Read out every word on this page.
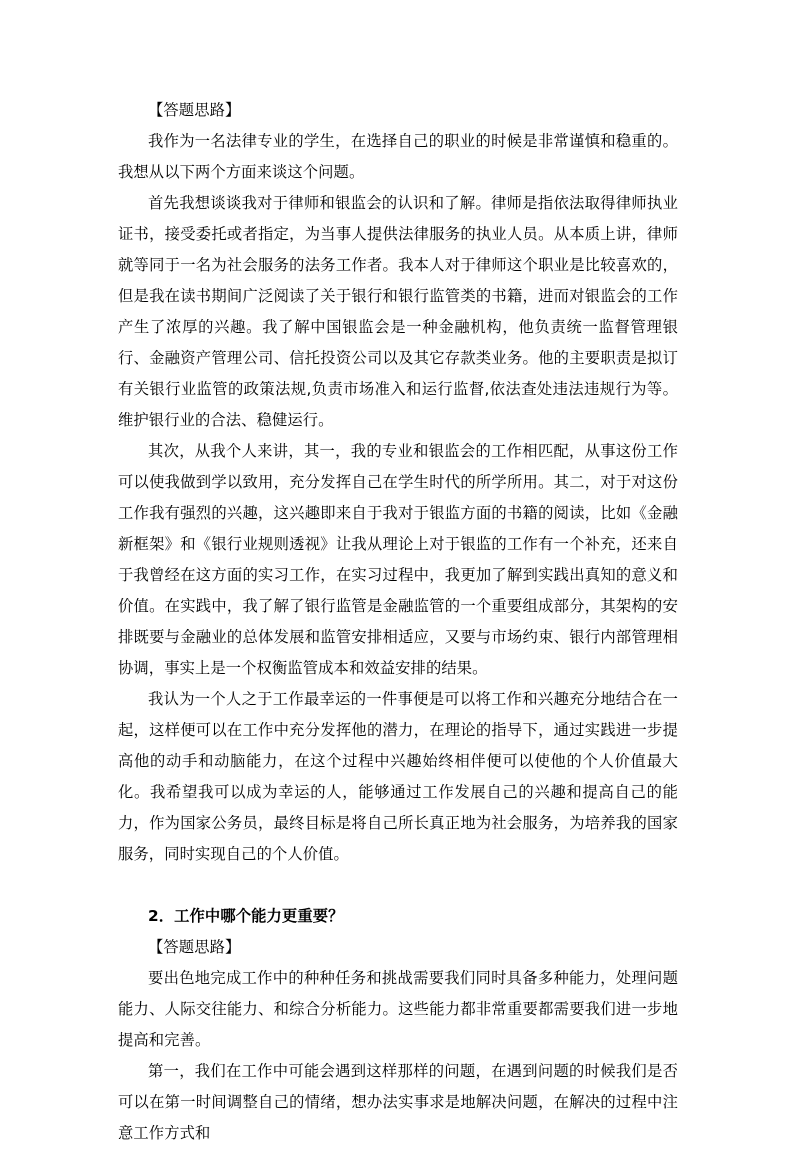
【答题思路】

我作为一名法律专业的学生，在选择自己的职业的时候是非常谨慎和稳重的。我想从以下两个方面来谈这个问题。

首先我想谈谈我对于律师和银监会的认识和了解。律师是指依法取得律师执业证书，接受委托或者指定，为当事人提供法律服务的执业人员。从本质上讲，律师就等同于一名为社会服务的法务工作者。我本人对于律师这个职业是比较喜欢的，但是我在读书期间广泛阅读了关于银行和银行监管类的书籍，进而对银监会的工作产生了浓厚的兴趣。我了解中国银监会是一种金融机构，他负责统一监督管理银行、金融资产管理公司、信托投资公司以及其它存款类业务。他的主要职责是拟订有关银行业监管的政策法规,负责市场准入和运行监督,依法查处违法违规行为等。维护银行业的合法、稳健运行。

其次，从我个人来讲，其一，我的专业和银监会的工作相匹配，从事这份工作可以使我做到学以致用，充分发挥自己在学生时代的所学所用。其二，对于对这份工作我有强烈的兴趣，这兴趣即来自于我对于银监方面的书籍的阅读，比如《金融新框架》和《银行业规则透视》让我从理论上对于银监的工作有一个补充，还来自于我曾经在这方面的实习工作，在实习过程中，我更加了解到实践出真知的意义和价值。在实践中，我了解了银行监管是金融监管的一个重要组成部分，其架构的安排既要与金融业的总体发展和监管安排相适应，又要与市场约束、银行内部管理相协调，事实上是一个权衡监管成本和效益安排的结果。

我认为一个人之于工作最幸运的一件事便是可以将工作和兴趣充分地结合在一起，这样便可以在工作中充分发挥他的潜力，在理论的指导下，通过实践进一步提高他的动手和动脑能力，在这个过程中兴趣始终相伴便可以使他的个人价值最大化。我希望我可以成为幸运的人，能够通过工作发展自己的兴趣和提高自己的能力，作为国家公务员，最终目标是将自己所长真正地为社会服务，为培养我的国家服务，同时实现自己的个人价值。

2．工作中哪个能力更重要？

【答题思路】

要出色地完成工作中的种种任务和挑战需要我们同时具备多种能力，处理问题能力、人际交往能力、和综合分析能力。这些能力都非常重要都需要我们进一步地提高和完善。

第一，我们在工作中可能会遇到这样那样的问题，在遇到问题的时候我们是否可以在第一时间调整自己的情绪，想办法实事求是地解决问题，在解决的过程中注意工作方式和
